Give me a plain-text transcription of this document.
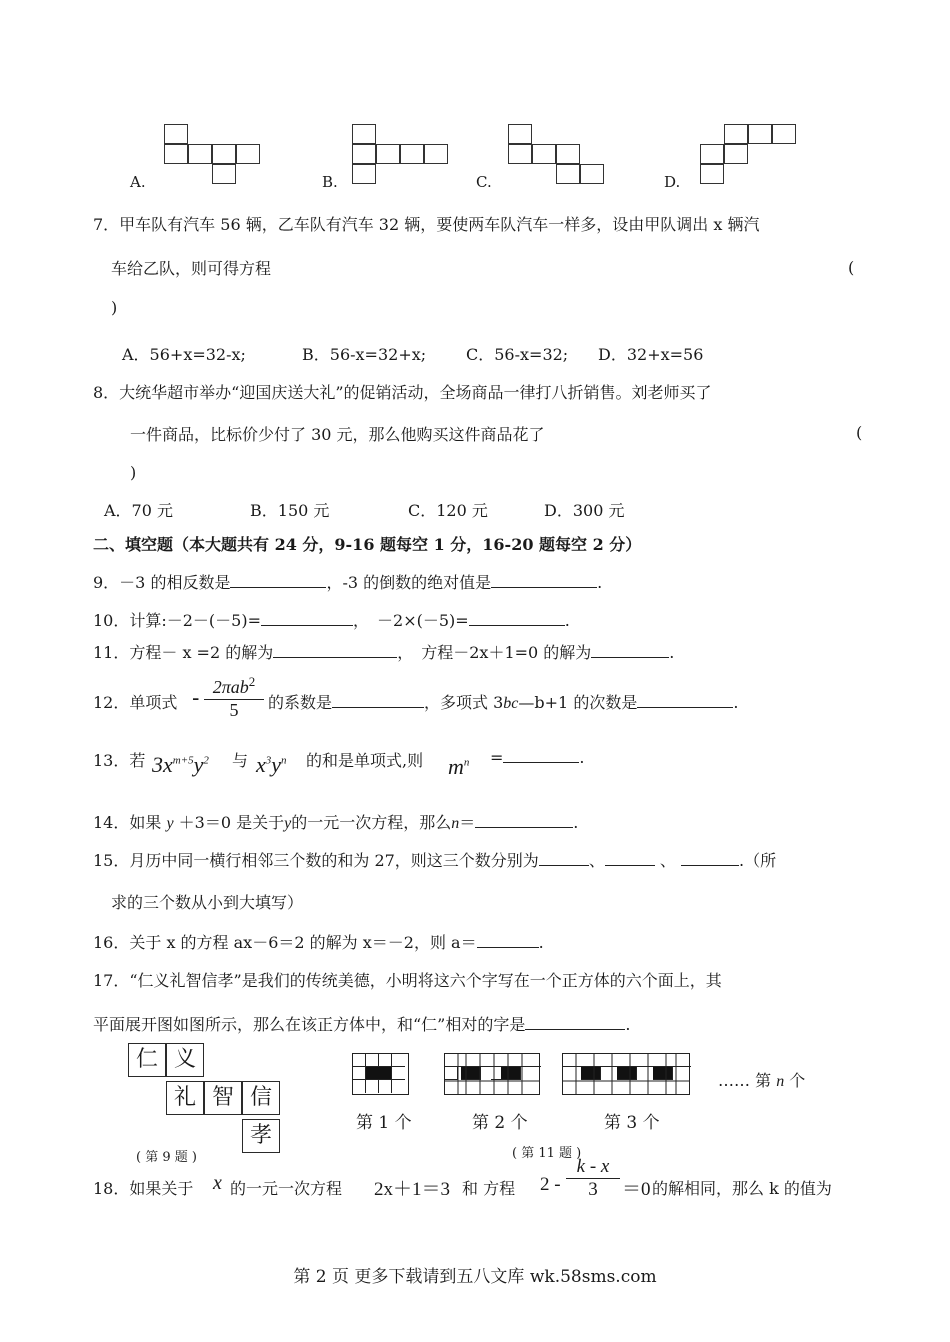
A.	B.	C.	D.
7．甲车队有汽车 56 辆，乙车队有汽车 32 辆，要使两车队汽车一样多，设由甲队调出 x 辆汽
车给乙队，则可得方程	(
)
A．56+x=32-x;	B．56-x=32+x; C．56-x=32; D．32+x=56
8．大统华超市举办“迎国庆送大礼”的促销活动，全场商品一律打八折销售。刘老师买了
一件商品，比标价少付了 30 元，那么他购买这件商品花了	(
)
A．70 元	B．150 元	C．120 元	D．300 元
二、填空题（本大题共有 24 分，9-16 题每空 1 分，16-20 题每空 2 分）
9．－3 的相反数是	，-3 的倒数的绝对值是	.
10．计算:－2－(－5)=	，　－2×(－5)=	.
11．方程－ x =2 的解为	，　方程－2x＋1=0 的解为	.
12．单项式 - 2πab$^2$
5	的系数是	，多项式 3bc—b+1 的次数是	.
13．若 $3x^{m+5}y^2$ 与 $x^3y^n$ 的和是单项式,则 $m^n$ =	.
14．如果 y ＋3＝0 是关于y的一元一次方程，那么n＝	.
15．月历中同一横行相邻三个数的和为 27，则这三个数分别为	、	、	.（所
求的三个数从小到大填写）
16．关于 x 的方程 ax－6＝2 的解为 x＝－2，则 a＝	.
17．“仁义礼智信孝”是我们的传统美德，小明将这六个字写在一个正方体的六个面上，其
平面展开图如图所示，那么在该正方体中，和“仁”相对的字是	.
仁 义
礼 智 信
孝
( 第 9 题 )
第 1 个	第 2 个	第 3 个
…… 第 n 个
( 第 11 题 )
18．如果关于 x 的一元一次方程 2x＋1＝3 和 方程 $2 - \frac{k - x}{3} =0$ 的解相同，那么 k 的值为
第 2 页 更多下载请到五八文库 wk.58sms.com
